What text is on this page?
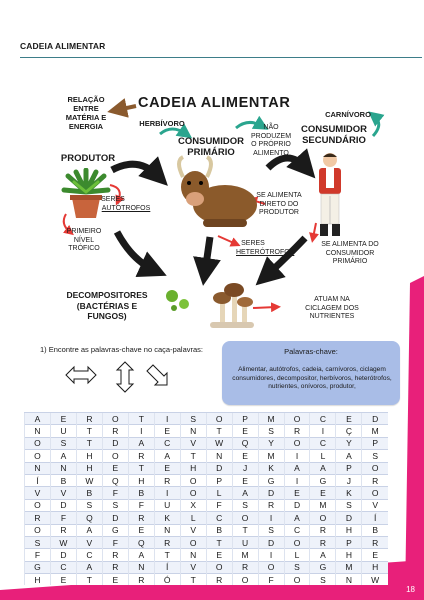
CADEIA ALIMENTAR
CADEIA ALIMENTAR
RELAÇÃO ENTRE MATÉRIA E ENERGIA	HERBÍVORO	NÃO PRODUZEM O PRÓPRIO ALIMENTO
CARNÍVORO
CONSUMIDOR PRIMÁRIO
CONSUMIDOR SECUNDÁRIO
PRODUTOR
SERES
AUTÓTROFOS
SE ALIMENTA DIRETO DO PRODUTOR
PRIMEIRO NÍVEL TRÓFICO
SERES
HETERÓTROFOS
SE ALIMENTA DO CONSUMIDOR PRIMÁRIO
DECOMPOSITORES (BACTÉRIAS E FUNGOS)
ATUAM NA CICLAGEM DOS NUTRIENTES
1) Encontre as palavras-chave no caça-palavras:	Palavras-chave:
Alimentar, autótrofos, cadeia, carnívoros, ciclagem consumidores, decompositor, herbívoros, heterótrofos, nutrientes, onívoros, produtor,
A	E	R	O	T	I	S	O	P	M	O	C	E	D
N	U	T	R	I	E	N	T	E	S	R	I	Ç	M
O	S	T	D	A	C	V	W	Q	Y	O	C	Y	P
O	A	H	O	R	A	T	N	E	M	I	L	A	S
N	N	H	E	T	E	H	D	J	K	A	A	P	O
Í	B	W	Q	H	R	O	P	E	G	I	G	J	R
V	V	B	F	B	I	O	L	A	D	E	E	K	O
O	D	S	S	F	U	X	F	S	R	D	M	S	V
R	F	Q	D	R	K	L	C	O	I	A	O	D	Í
O	R	A	G	E	N	V	B	T	S	C	R	H	B
S	W	V	F	Q	R	O	T	U	D	O	R	P	R
F	D	C	R	A	T	N	E	M	I	L	A	H	E
G	C	A	R	N	Í	V	O	R	O	S	G	M	H
H	E	T	E	R	Ó	T	R	O	F	O	S	N	W
18
